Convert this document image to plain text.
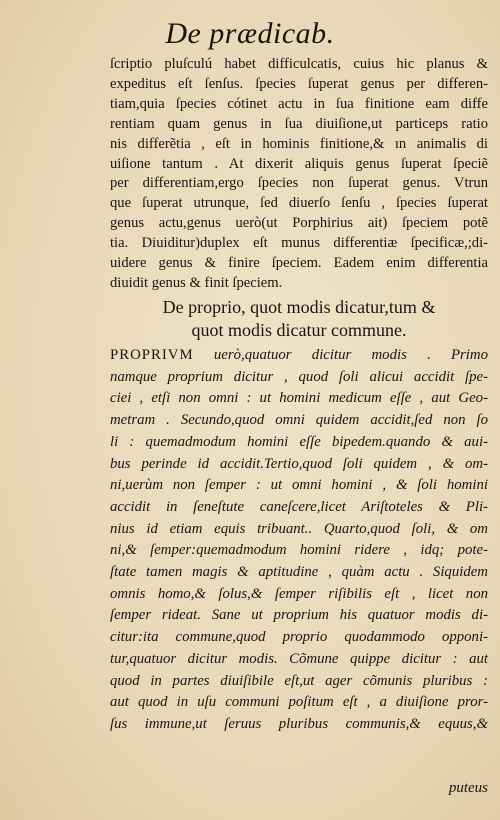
De prædicab.
ſcriptio pluſculú habet difficulcatis, cuius hic planus &
expeditus eſt ſenſus. ſpecies ſuperat genus per differen-
tiam,quia ſpecies cótinet actu in ſua finitione eam diffe
rentiam quam genus in ſua diuiſione,ut particeps ratio
nis differẽtia , eſt in hominis finitione,& ın animalis di
uiſione tantum . At dixerit aliquis genus ſuperat ſpeciẽ
per differentiam,ergo ſpecies non ſuperat genus. Vtrun
que ſuperat utrunque, ſed diuerſo ſenſu , ſpecies ſuperat
genus actu,genus uerò(ut Porphirius ait) ſpeciem potẽ
tia. Diuiditur)duplex eſt munus differentiæ ſpecificæ,;di-
uidere genus & finire ſpeciem. Eadem enim differentia
diuidit genus & finit ſpeciem.
De proprio, quot modis dicatur,tum &
quot modis dicatur commune.
PROPRIVM uerò,quatuor dicitur modis . Primo
namque proprium dicitur , quod ſoli alicui accidit ſpe-
ciei , etſi non omni : ut homini medicum eſſe , aut Geo-
metram . Secundo,quod omni quidem accidit,ſed non ſo
li : quemadmodum homini eſſe bipedem.quando & aui-
bus perinde id accidit.Tertio,quod ſoli quidem , & om-
ni,uerùm non ſemper : ut omni homini , & ſoli homini
accidit in ſeneſtute caneſcere,licet Ariſtoteles & Pli-
nius id etiam equis tribuant.. Quarto,quod ſoli, & om
ni,& ſemper:quemadmodum homini ridere , idq; pote-
ſtate tamen magis & aptitudine , quàm actu . Siquidem
omnis homo,& ſolus,& ſemper riſibilis eſt , licet non
ſemper rideat. Sane ut proprium his quatuor modis di-
citur:ita commune,quod proprio quodammodo opponi-
tur,quatuor dicitur modis. Cõmune quippe dicitur : aut
quod in partes diuiſibile eſt,ut ager cõmunis pluribus :
aut quod in uſu communi poſitum eſt , a diuiſione pror-
ſus immune,ut ſeruus pluribus communis,& equus,&
puteus
